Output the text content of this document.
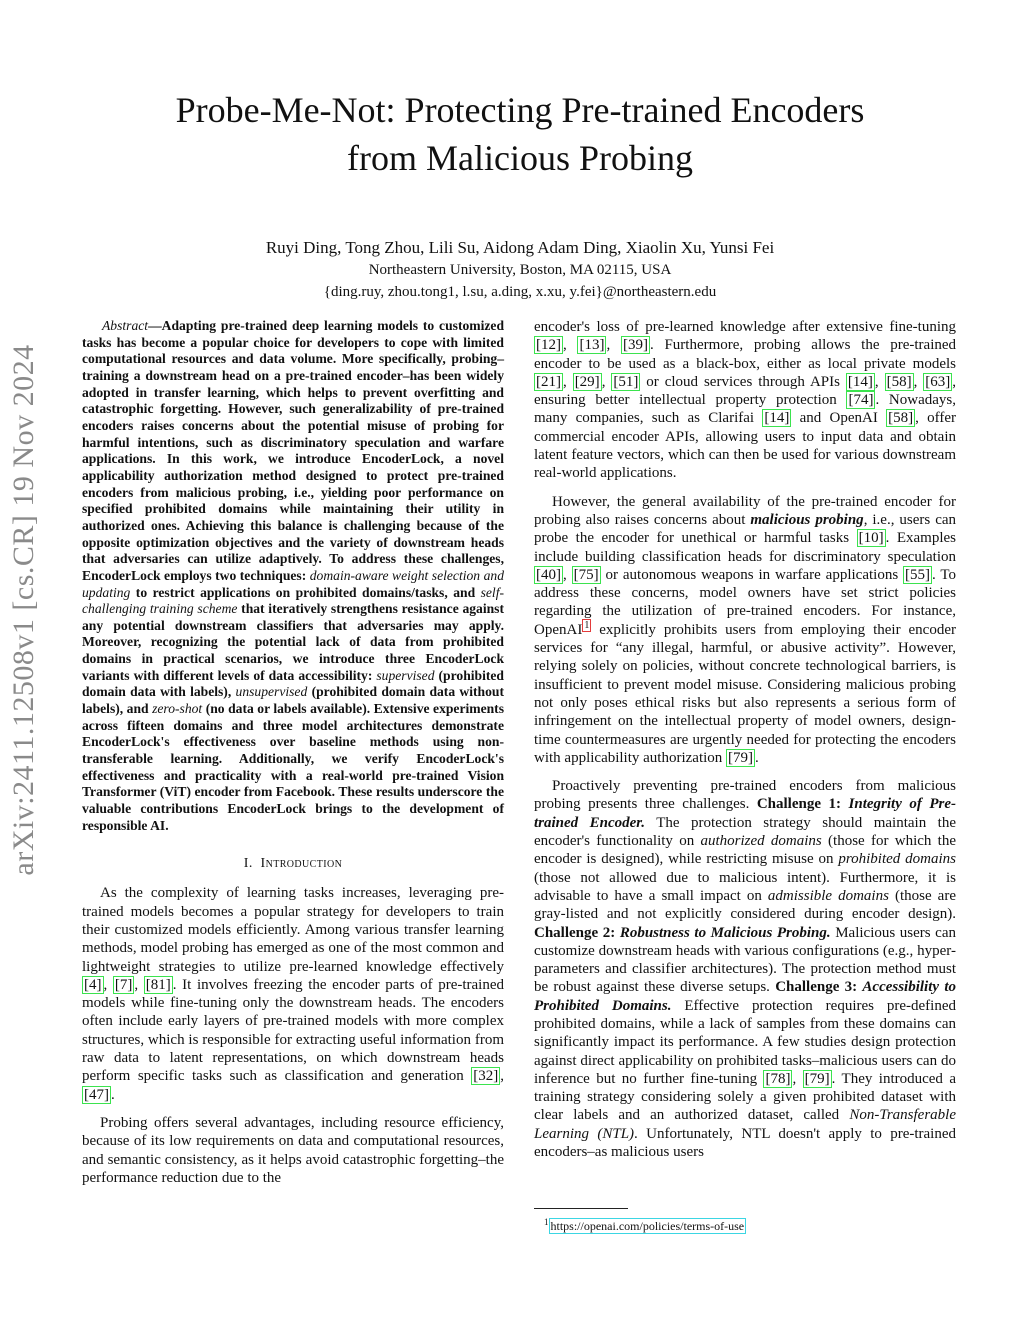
Probe-Me-Not: Protecting Pre-trained Encoders
from Malicious Probing
Ruyi Ding, Tong Zhou, Lili Su, Aidong Adam Ding, Xiaolin Xu, Yunsi Fei
Northeastern University, Boston, MA 02115, USA
{ding.ruy, zhou.tong1, l.su, a.ding, x.xu, y.fei}@northeastern.edu
arXiv:2411.12508v1 [cs.CR] 19 Nov 2024

Abstract—Adapting pre-trained deep learning models to customized tasks has become a popular choice for developers to cope with limited computational resources and data volume. More specifically, probing–training a downstream head on a pre-trained encoder–has been widely adopted in transfer learning, which helps to prevent overfitting and catastrophic forgetting. However, such generalizability of pre-trained encoders raises concerns about the potential misuse of probing for harmful intentions, such as discriminatory speculation and warfare applications. In this work, we introduce EncoderLock, a novel applicability authorization method designed to protect pre-trained encoders from malicious probing, i.e., yielding poor performance on specified prohibited domains while maintaining their utility in authorized ones. Achieving this balance is challenging because of the opposite optimization objectives and the variety of downstream heads that adversaries can utilize adaptively. To address these challenges, EncoderLock employs two techniques: domain-aware weight selection and updating to restrict applications on prohibited domains/tasks, and self-challenging training scheme that iteratively strengthens resistance against any potential downstream classifiers that adversaries may apply. Moreover, recognizing the potential lack of data from prohibited domains in practical scenarios, we introduce three EncoderLock variants with different levels of data accessibility: supervised (prohibited domain data with labels), unsupervised (prohibited domain data without labels), and zero-shot (no data or labels available). Extensive experiments across fifteen domains and three model architectures demonstrate EncoderLock's effectiveness over baseline methods using non-transferable learning. Additionally, we verify EncoderLock's effectiveness and practicality with a real-world pre-trained Vision Transformer (ViT) encoder from Facebook. These results underscore the valuable contributions EncoderLock brings to the development of responsible AI.

I. Introduction

As the complexity of learning tasks increases, leveraging pre-trained models becomes a popular strategy for developers to train their customized models efficiently. Among various transfer learning methods, model probing has emerged as one of the most common and lightweight strategies to utilize pre-learned knowledge effectively [4] , [7] , [81] . It involves freezing the encoder parts of pre-trained models while fine-tuning only the downstream heads. The encoders often include early layers of pre-trained models with more complex structures, which is responsible for extracting useful information from raw data to latent representations, on which downstream heads perform specific tasks such as classification and generation [32] , [47] .

Probing offers several advantages, including resource efficiency, because of its low requirements on data and computational resources, and semantic consistency, as it helps avoid catastrophic forgetting–the performance reduction due to the

encoder's loss of pre-learned knowledge after extensive fine-tuning [12] , [13] , [39] . Furthermore, probing allows the pre-trained encoder to be used as a black-box, either as local private models [21] , [29] , [51] or cloud services through APIs [14] , [58] , [63] , ensuring better intellectual property protection [74] . Nowadays, many companies, such as Clarifai [14] and OpenAI [58] , offer commercial encoder APIs, allowing users to input data and obtain latent feature vectors, which can then be used for various downstream real-world applications.

However, the general availability of the pre-trained encoder for probing also raises concerns about malicious probing, i.e., users can probe the encoder for unethical or harmful tasks [10] . Examples include building classification heads for discriminatory speculation [40] , [75] or autonomous weapons in warfare applications [55] . To address these concerns, model owners have set strict policies regarding the utilization of pre-trained encoders. For instance, OpenAI $^1$ explicitly prohibits users from employing their encoder services for “any illegal, harmful, or abusive activity”. However, relying solely on policies, without concrete technological barriers, is insufficient to prevent model misuse. Considering malicious probing not only poses ethical risks but also represents a serious form of infringement on the intellectual property of model owners, design-time countermeasures are urgently needed for protecting the encoders with applicability authorization [79] .

Proactively preventing pre-trained encoders from malicious probing presents three challenges. Challenge 1: Integrity of Pre-trained Encoder. The protection strategy should maintain the encoder's functionality on authorized domains (those for which the encoder is designed), while restricting misuse on prohibited domains (those not allowed due to malicious intent). Furthermore, it is advisable to have a small impact on admissible domains (those are gray-listed and not explicitly considered during encoder design). Challenge 2: Robustness to Malicious Probing. Malicious users can customize downstream heads with various configurations (e.g., hyper-parameters and classifier architectures). The protection method must be robust against these diverse setups. Challenge 3: Accessibility to Prohibited Domains. Effective protection requires pre-defined prohibited domains, while a lack of samples from these domains can significantly impact its performance. A few studies design protection against direct applicability on prohibited tasks–malicious users can do inference but no further fine-tuning [78] , [79] . They introduced a training strategy considering solely a given prohibited dataset with clear labels and an authorized dataset, called Non-Transferable Learning (NTL). Unfortunately, NTL doesn't apply to pre-trained encoders–as malicious users

$^1$ https://openai.com/policies/terms-of-use
